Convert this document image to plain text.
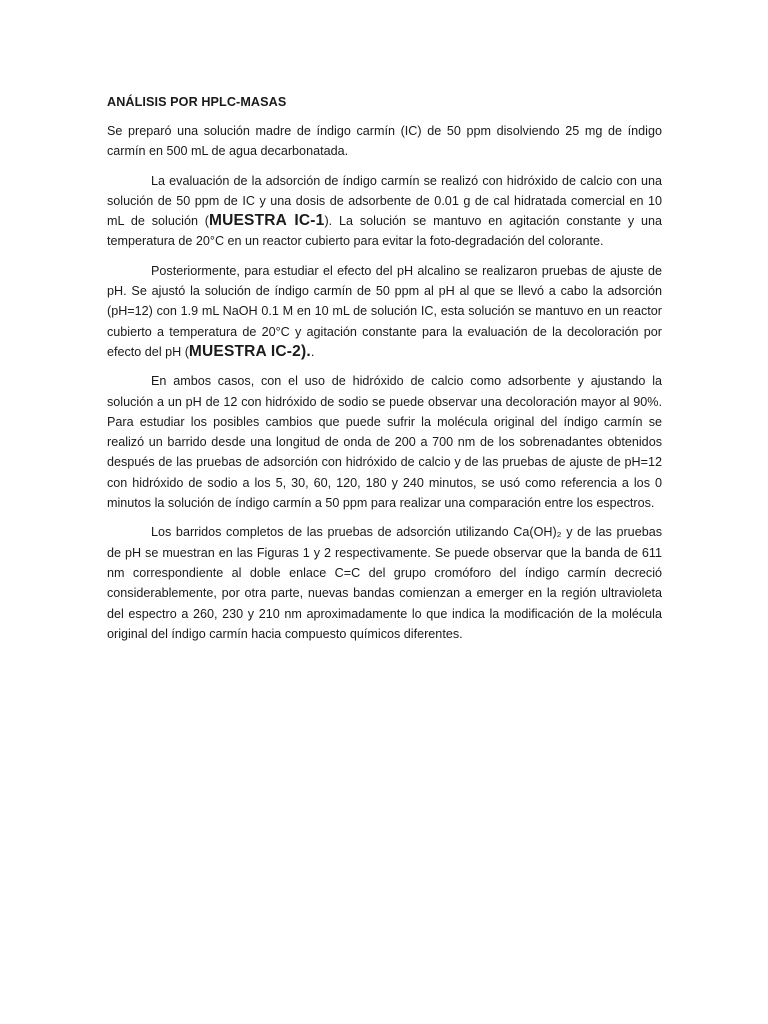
ANÁLISIS POR HPLC-MASAS

Se preparó una solución madre de índigo carmín (IC) de 50 ppm disolviendo 25 mg de índigo carmín en 500 mL de agua decarbonatada.

La evaluación de la adsorción de índigo carmín se realizó con hidróxido de calcio con una solución de 50 ppm de IC y una dosis de adsorbente de 0.01 g de cal hidratada comercial en 10 mL de solución (MUESTRA IC-1). La solución se mantuvo en agitación constante y una temperatura de 20°C en un reactor cubierto para evitar la foto-degradación del colorante.

Posteriormente, para estudiar el efecto del pH alcalino se realizaron pruebas de ajuste de pH. Se ajustó la solución de índigo carmín de 50 ppm al pH al que se llevó a cabo la adsorción (pH=12) con 1.9 mL NaOH 0.1 M en 10 mL de solución IC, esta solución se mantuvo en un reactor cubierto a temperatura de 20°C y agitación constante para la evaluación de la decoloración por efecto del pH (MUESTRA IC-2)..

En ambos casos, con el uso de hidróxido de calcio como adsorbente y ajustando la solución a un pH de 12 con hidróxido de sodio se puede observar una decoloración mayor al 90%. Para estudiar los posibles cambios que puede sufrir la molécula original del índigo carmín se realizó un barrido desde una longitud de onda de 200 a 700 nm de los sobrenadantes obtenidos después de las pruebas de adsorción con hidróxido de calcio y de las pruebas de ajuste de pH=12 con hidróxido de sodio a los 5, 30, 60, 120, 180 y 240 minutos, se usó como referencia a los 0 minutos la solución de índigo carmín a 50 ppm para realizar una comparación entre los espectros.

Los barridos completos de las pruebas de adsorción utilizando Ca(OH)₂ y de las pruebas de pH se muestran en las Figuras 1 y 2 respectivamente. Se puede observar que la banda de 611 nm correspondiente al doble enlace C=C del grupo cromóforo del índigo carmín decreció considerablemente, por otra parte, nuevas bandas comienzan a emerger en la región ultravioleta del espectro a 260, 230 y 210 nm aproximadamente lo que indica la modificación de la molécula original del índigo carmín hacia compuesto químicos diferentes.
